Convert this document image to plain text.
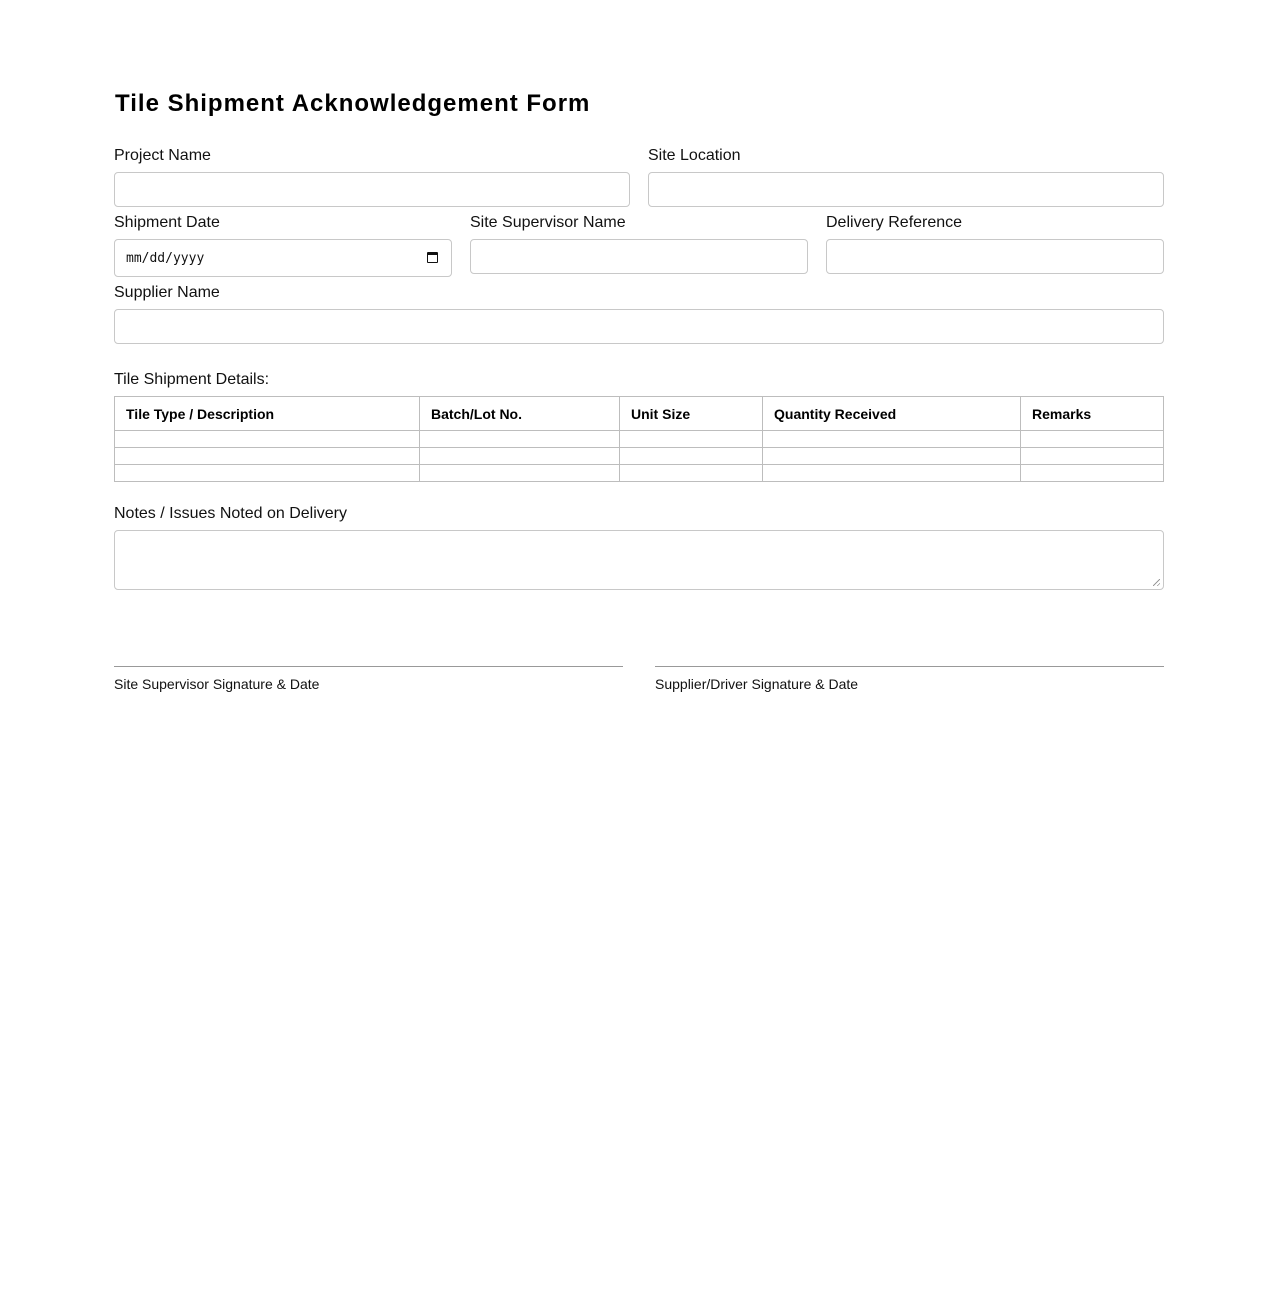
Tile Shipment Acknowledgement Form
Project Name	Site Location
Shipment Date
mm/dd/yyyy
Site Supervisor Name	Delivery Reference
Supplier Name
Tile Shipment Details:
Tile Type / Description	Batch/Lot No.	Unit Size	Quantity Received	Remarks

Notes / Issues Noted on Delivery
Site Supervisor Signature & Date	Supplier/Driver Signature & Date
